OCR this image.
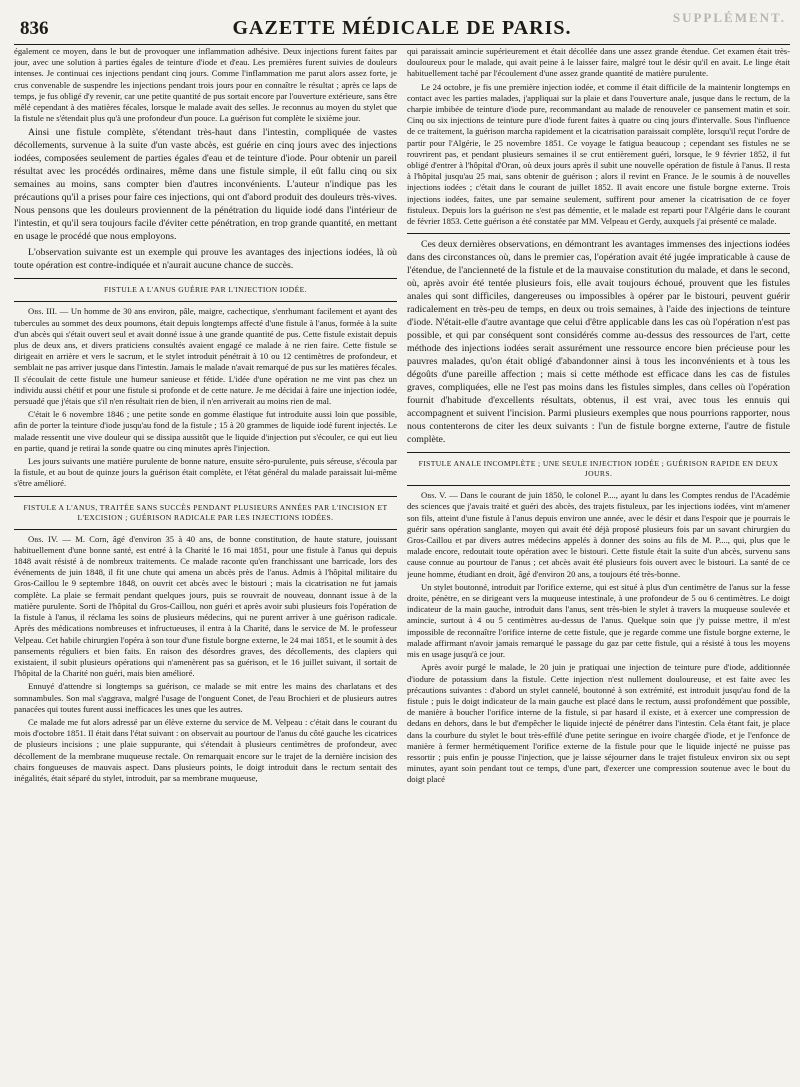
836	GAZETTE MÉDICALE DE PARIS.	SUPPLÉMENT.

également ce moyen, dans le but de provoquer une inflammation adhésive. Deux injections furent faites par jour, avec une solution à parties égales de teinture d'iode et d'eau. Les premières furent suivies de douleurs intenses. Je continuai ces injections pendant cinq jours. Comme l'inflammation me parut alors assez forte, je crus convenable de suspendre les injections pendant trois jours pour en connaître le résultat ; après ce laps de temps, je fus obligé d'y revenir, car une petite quantité de pus sortait encore par l'ouverture extérieure, sans être mêlé cependant à des matières fécales, lorsque le malade avait des selles. Je reconnus au moyen du stylet que la fistule ne s'étendait plus qu'à une profondeur d'un pouce. La guérison fut complète le sixième jour.

Ainsi une fistule complète, s'étendant très-haut dans l'intestin, compliquée de vastes décollements, survenue à la suite d'un vaste abcès, est guérie en cinq jours avec des injections iodées, composées seulement de parties égales d'eau et de teinture d'iode. Pour obtenir un pareil résultat avec les procédés ordinaires, même dans une fistule simple, il eût fallu cinq ou six semaines au moins, sans compter bien d'autres inconvénients. L'auteur n'indique pas les précautions qu'il a prises pour faire ces injections, qui ont d'abord produit des douleurs très-vives. Nous pensons que les douleurs proviennent de la pénétration du liquide iodé dans l'intérieur de l'intestin, et qu'il sera toujours facile d'éviter cette pénétration, en trop grande quantité, en mettant en usage le procédé que nous employons.

L'observation suivante est un exemple qui prouve les avantages des injections iodées, là où toute opération est contre-indiquée et n'aurait aucune chance de succès.

FISTULE A L'ANUS GUÉRIE PAR L'INJECTION IODÉE.

Obs. III. — Un homme de 30 ans environ, pâle, maigre, cachectique, s'enrhumant facilement et ayant des tubercules au sommet des deux poumons, était depuis longtemps affecté d'une fistule à l'anus, formée à la suite d'un abcès qui s'était ouvert seul et avait donné issue à une grande quantité de pus. Cette fistule existait depuis plus de deux ans, et divers praticiens consultés avaient engagé ce malade à ne rien faire. Cette fistule se dirigeait en arrière et vers le sacrum, et le stylet introduit pénétrait à 10 ou 12 centimètres de profondeur, et semblait ne pas arriver jusque dans l'intestin. Jamais le malade n'avait remarqué de pus sur les matières fécales. Il s'écoulait de cette fistule une humeur sanieuse et fétide. L'idée d'une opération ne me vint pas chez un individu aussi chétif et pour une fistule si profonde et de cette nature. Je me décidai à faire une injection iodée, persuadé que j'étais que s'il n'en résultait rien de bien, il n'en arriverait au moins rien de mal.

C'était le 6 novembre 1846 ; une petite sonde en gomme élastique fut introduite aussi loin que possible, afin de porter la teinture d'iode jusqu'au fond de la fistule ; 15 à 20 grammes de liquide iodé furent injectés. Le malade ressentit une vive douleur qui se dissipa aussitôt que le liquide d'injection put s'écouler, ce qui eut lieu en partie, quand je retirai la sonde quatre ou cinq minutes après l'injection.

Les jours suivants une matière purulente de bonne nature, ensuite séro-purulente, puis séreuse, s'écoula par la fistule, et au bout de quinze jours la guérison était complète, et l'état général du malade paraissait lui-même s'être amélioré.

FISTULE A L'ANUS, TRAITÉE SANS SUCCÈS PENDANT PLUSIEURS ANNÉES PAR L'INCISION ET L'EXCISION ; GUÉRISON RADICALE PAR LES INJECTIONS IODÉES.

Obs. IV. — M. Corn, âgé d'environ 35 à 40 ans, de bonne constitution, de haute stature, jouissant habituellement d'une bonne santé, est entré à la Charité le 16 mai 1851, pour une fistule à l'anus qui depuis 1848 avait résisté à de nombreux traitements. Ce malade raconte qu'en franchissant une barricade, lors des événements de juin 1848, il fit une chute qui amena un abcès près de l'anus. Admis à l'hôpital militaire du Gros-Caillou le 9 septembre 1848, on ouvrit cet abcès avec le bistouri ; mais la cicatrisation ne fut jamais complète. La plaie se fermait pendant quelques jours, puis se rouvrait de nouveau, donnant issue à de la matière purulente. Sorti de l'hôpital du Gros-Caillou, non guéri et après avoir subi plusieurs fois l'opération de la fistule à l'anus, il réclama les soins de plusieurs médecins, qui ne purent arriver à une guérison radicale. Après des médications nombreuses et infructueuses, il entra à la Charité, dans le service de M. le professeur Velpeau. Cet habile chirurgien l'opéra à son tour d'une fistule borgne externe, le 24 mai 1851, et le soumit à des pansements réguliers et bien faits. En raison des désordres graves, des décollements, des clapiers qui existaient, il subit plusieurs opérations qui n'amenèrent pas sa guérison, et le 16 juillet suivant, il sortait de l'hôpital de la Charité non guéri, mais bien amélioré.

Ennuyé d'attendre si longtemps sa guérison, ce malade se mit entre les mains des charlatans et des somnambules. Son mal s'aggrava, malgré l'usage de l'onguent Conet, de l'eau Brochieri et de plusieurs autres panacées qui toutes furent aussi inefficaces les unes que les autres.

Ce malade me fut alors adressé par un élève externe du service de M. Velpeau : c'était dans le courant du mois d'octobre 1851. Il était dans l'état suivant : on observait au pourtour de l'anus du côté gauche les cicatrices de plusieurs incisions ; une plaie suppurante, qui s'étendait à plusieurs centimètres de profondeur, avec décollement de la membrane muqueuse rectale. On remarquait encore sur le trajet de la dernière incision des chairs fongueuses de mauvais aspect. Dans plusieurs points, le doigt introduit dans le rectum sentait des inégalités, était séparé du stylet, introduit, par sa membrane muqueuse,

qui paraissait amincie supérieurement et était décollée dans une assez grande étendue. Cet examen était très-douloureux pour le malade, qui avait peine à le laisser faire, malgré tout le désir qu'il en avait. Le linge était habituellement taché par l'écoulement d'une assez grande quantité de matière purulente.

Le 24 octobre, je fis une première injection iodée, et comme il était difficile de la maintenir longtemps en contact avec les parties malades, j'appliquai sur la plaie et dans l'ouverture anale, jusque dans le rectum, de la charpie imbibée de teinture d'iode pure, recommandant au malade de renouveler ce pansement matin et soir. Cinq ou six injections de teinture pure d'iode furent faites à quatre ou cinq jours d'intervalle. Sous l'influence de ce traitement, la guérison marcha rapidement et la cicatrisation paraissait complète, lorsqu'il reçut l'ordre de partir pour l'Algérie, le 25 novembre 1851. Ce voyage le fatigua beaucoup ; cependant ses fistules ne se rouvrirent pas, et pendant plusieurs semaines il se crut entièrement guéri, lorsque, le 9 février 1852, il fut obligé d'entrer à l'hôpital d'Oran, où deux jours après il subit une nouvelle opération de fistule à l'anus. Il resta à l'hôpital jusqu'au 25 mai, sans obtenir de guérison ; alors il revint en France. Je le soumis à de nouvelles injections iodées ; c'était dans le courant de juillet 1852. Il avait encore une fistule borgne externe. Trois injections iodées, faites, une par semaine seulement, suffirent pour amener la cicatrisation de ce foyer fistuleux. Depuis lors la guérison ne s'est pas démentie, et le malade est reparti pour l'Algérie dans le courant de février 1853. Cette guérison a été constatée par MM. Velpeau et Gerdy, auxquels j'ai présenté ce malade.

Ces deux dernières observations, en démontrant les avantages immenses des injections iodées dans des circonstances où, dans le premier cas, l'opération avait été jugée impraticable à cause de l'étendue, de l'ancienneté de la fistule et de la mauvaise constitution du malade, et dans le second, où, après avoir été tentée plusieurs fois, elle avait toujours échoué, prouvent que les fistules anales qui sont difficiles, dangereuses ou impossibles à opérer par le bistouri, peuvent guérir radicalement en très-peu de temps, en deux ou trois semaines, à l'aide des injections de teinture d'iode. N'était-elle d'autre avantage que celui d'être applicable dans les cas où l'opération n'est pas possible, et qui par conséquent sont considérés comme au-dessus des ressources de l'art, cette méthode des injections iodées serait assurément une ressource encore bien précieuse pour les pauvres malades, qu'on était obligé d'abandonner ainsi à tous les inconvénients et à tous les dégoûts d'une pareille affection ; mais si cette méthode est efficace dans les cas de fistules graves, compliquées, elle ne l'est pas moins dans les fistules simples, dans celles où l'opération fournit d'habitude d'excellents résultats, obtenus, il est vrai, avec tous les ennuis qui accompagnent et suivent l'incision. Parmi plusieurs exemples que nous pourrions rapporter, nous nous contenterons de citer les deux suivants : l'un de fistule borgne externe, l'autre de fistule complète.

FISTULE ANALE INCOMPLÈTE ; UNE SEULE INJECTION IODÉE ; GUÉRISON RAPIDE EN DEUX JOURS.

Obs. V. — Dans le courant de juin 1850, le colonel P...., ayant lu dans les Comptes rendus de l'Académie des sciences que j'avais traité et guéri des abcès, des trajets fistuleux, par les injections iodées, vint m'amener son fils, atteint d'une fistule à l'anus depuis environ une année, avec le désir et dans l'espoir que je pourrais le guérir sans opération sanglante, moyen qui avait été déjà proposé plusieurs fois par un savant chirurgien du Gros-Caillou et par divers autres médecins appelés à donner des soins au fils de M. P...., qui, plus que le malade encore, redoutait toute opération avec le bistouri. Cette fistule était la suite d'un abcès, survenu sans cause connue au pourtour de l'anus ; cet abcès avait été plusieurs fois ouvert avec le bistouri. La santé de ce jeune homme, étudiant en droit, âgé d'environ 20 ans, a toujours été très-bonne.

Un stylet boutonné, introduit par l'orifice externe, qui est situé à plus d'un centimètre de l'anus sur la fesse droite, pénètre, en se dirigeant vers la muqueuse intestinale, à une profondeur de 5 ou 6 centimètres. Le doigt indicateur de la main gauche, introduit dans l'anus, sent très-bien le stylet à travers la muqueuse soulevée et amincie, surtout à 4 ou 5 centimètres au-dessus de l'anus. Quelque soin que j'y puisse mettre, il m'est impossible de reconnaître l'orifice interne de cette fistule, que je regarde comme une fistule borgne externe, le malade affirmant n'avoir jamais remarqué le passage du gaz par cette fistule, qui a résisté à tous les moyens mis en usage jusqu'à ce jour.

Après avoir purgé le malade, le 20 juin je pratiquai une injection de teinture pure d'iode, additionnée d'iodure de potassium dans la fistule. Cette injection n'est nullement douloureuse, et est faite avec les précautions suivantes : d'abord un stylet cannelé, boutonné à son extrémité, est introduit jusqu'au fond de la fistule ; puis le doigt indicateur de la main gauche est placé dans le rectum, aussi profondément que possible, de manière à boucher l'orifice interne de la fistule, si par hasard il existe, et à exercer une compression de dedans en dehors, dans le but d'empêcher le liquide injecté de pénétrer dans l'intestin. Cela étant fait, je place dans la courbure du stylet le bout très-effilé d'une petite seringue en ivoire chargée d'iode, et je l'enfonce de manière à fermer hermétiquement l'orifice externe de la fistule pour que le liquide injecté ne puisse pas ressortir ; puis enfin je pousse l'injection, que je laisse séjourner dans le trajet fistuleux environ six ou sept minutes, ayant soin pendant tout ce temps, d'une part, d'exercer une compression soutenue avec le bout du doigt placé
